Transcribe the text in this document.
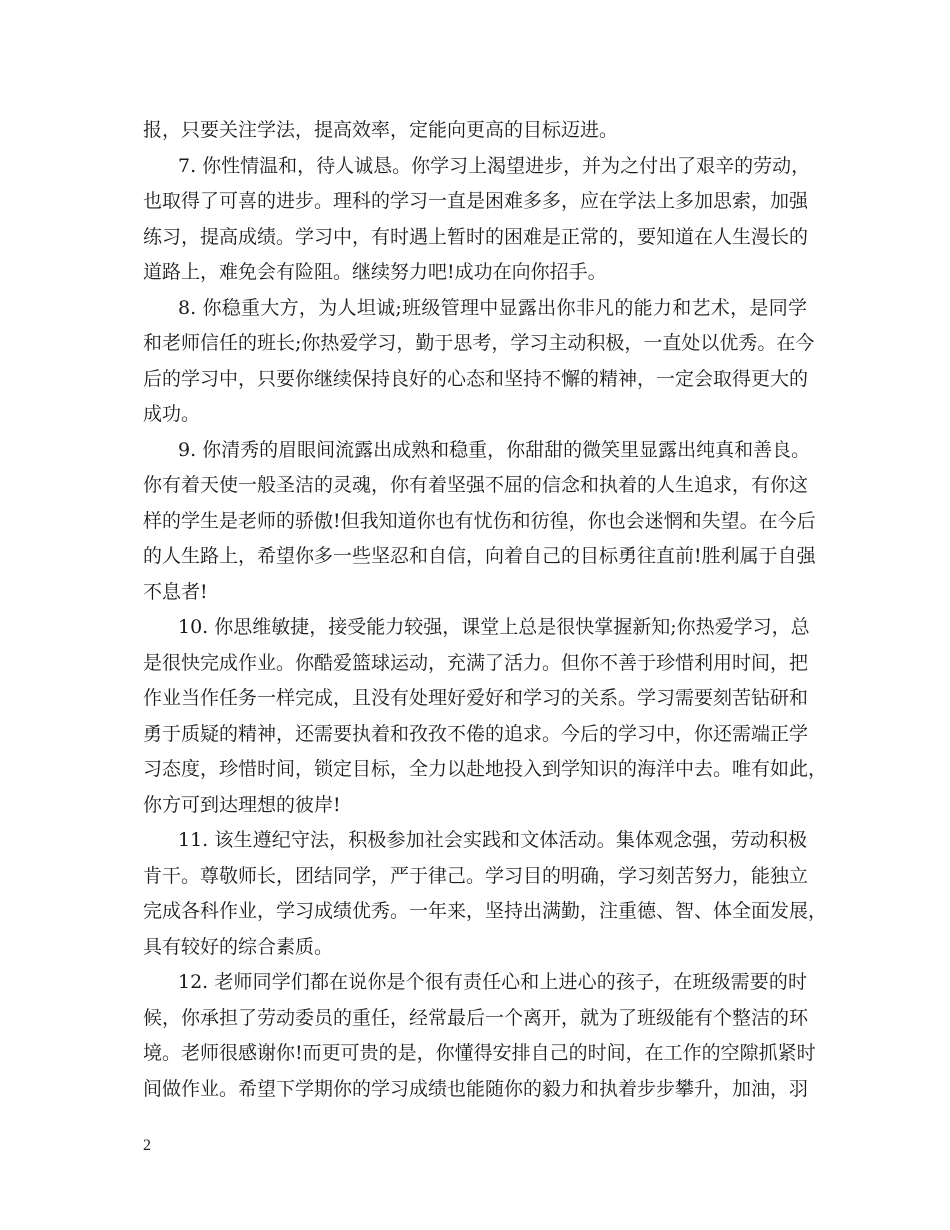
报，只要关注学法，提高效率，定能向更高的目标迈进。

7. 你性情温和，待人诚恳。你学习上渴望进步，并为之付出了艰辛的劳动，

也取得了可喜的进步。理科的学习一直是困难多多，应在学法上多加思索，加强

练习，提高成绩。学习中，有时遇上暂时的困难是正常的，要知道在人生漫长的

道路上，难免会有险阻。继续努力吧!成功在向你招手。

8. 你稳重大方，为人坦诚;班级管理中显露出你非凡的能力和艺术，是同学

和老师信任的班长;你热爱学习，勤于思考，学习主动积极，一直处以优秀。在今

后的学习中，只要你继续保持良好的心态和坚持不懈的精神，一定会取得更大的

成功。

9. 你清秀的眉眼间流露出成熟和稳重，你甜甜的微笑里显露出纯真和善良。

你有着天使一般圣洁的灵魂，你有着坚强不屈的信念和执着的人生追求，有你这

样的学生是老师的骄傲!但我知道你也有忧伤和彷徨，你也会迷惘和失望。在今后

的人生路上，希望你多一些坚忍和自信，向着自己的目标勇往直前!胜利属于自强

不息者!

10. 你思维敏捷，接受能力较强，课堂上总是很快掌握新知;你热爱学习，总

是很快完成作业。你酷爱篮球运动，充满了活力。但你不善于珍惜利用时间，把

作业当作任务一样完成，且没有处理好爱好和学习的关系。学习需要刻苦钻研和

勇于质疑的精神，还需要执着和孜孜不倦的追求。今后的学习中，你还需端正学

习态度，珍惜时间，锁定目标，全力以赴地投入到学知识的海洋中去。唯有如此，

你方可到达理想的彼岸!

11. 该生遵纪守法，积极参加社会实践和文体活动。集体观念强，劳动积极

肯干。尊敬师长，团结同学，严于律己。学习目的明确，学习刻苦努力，能独立

完成各科作业，学习成绩优秀。一年来，坚持出满勤，注重德、智、体全面发展，

具有较好的综合素质。

12. 老师同学们都在说你是个很有责任心和上进心的孩子，在班级需要的时

候，你承担了劳动委员的重任，经常最后一个离开，就为了班级能有个整洁的环

境。老师很感谢你!而更可贵的是，你懂得安排自己的时间，在工作的空隙抓紧时

间做作业。希望下学期你的学习成绩也能随你的毅力和执着步步攀升，加油，羽

2
